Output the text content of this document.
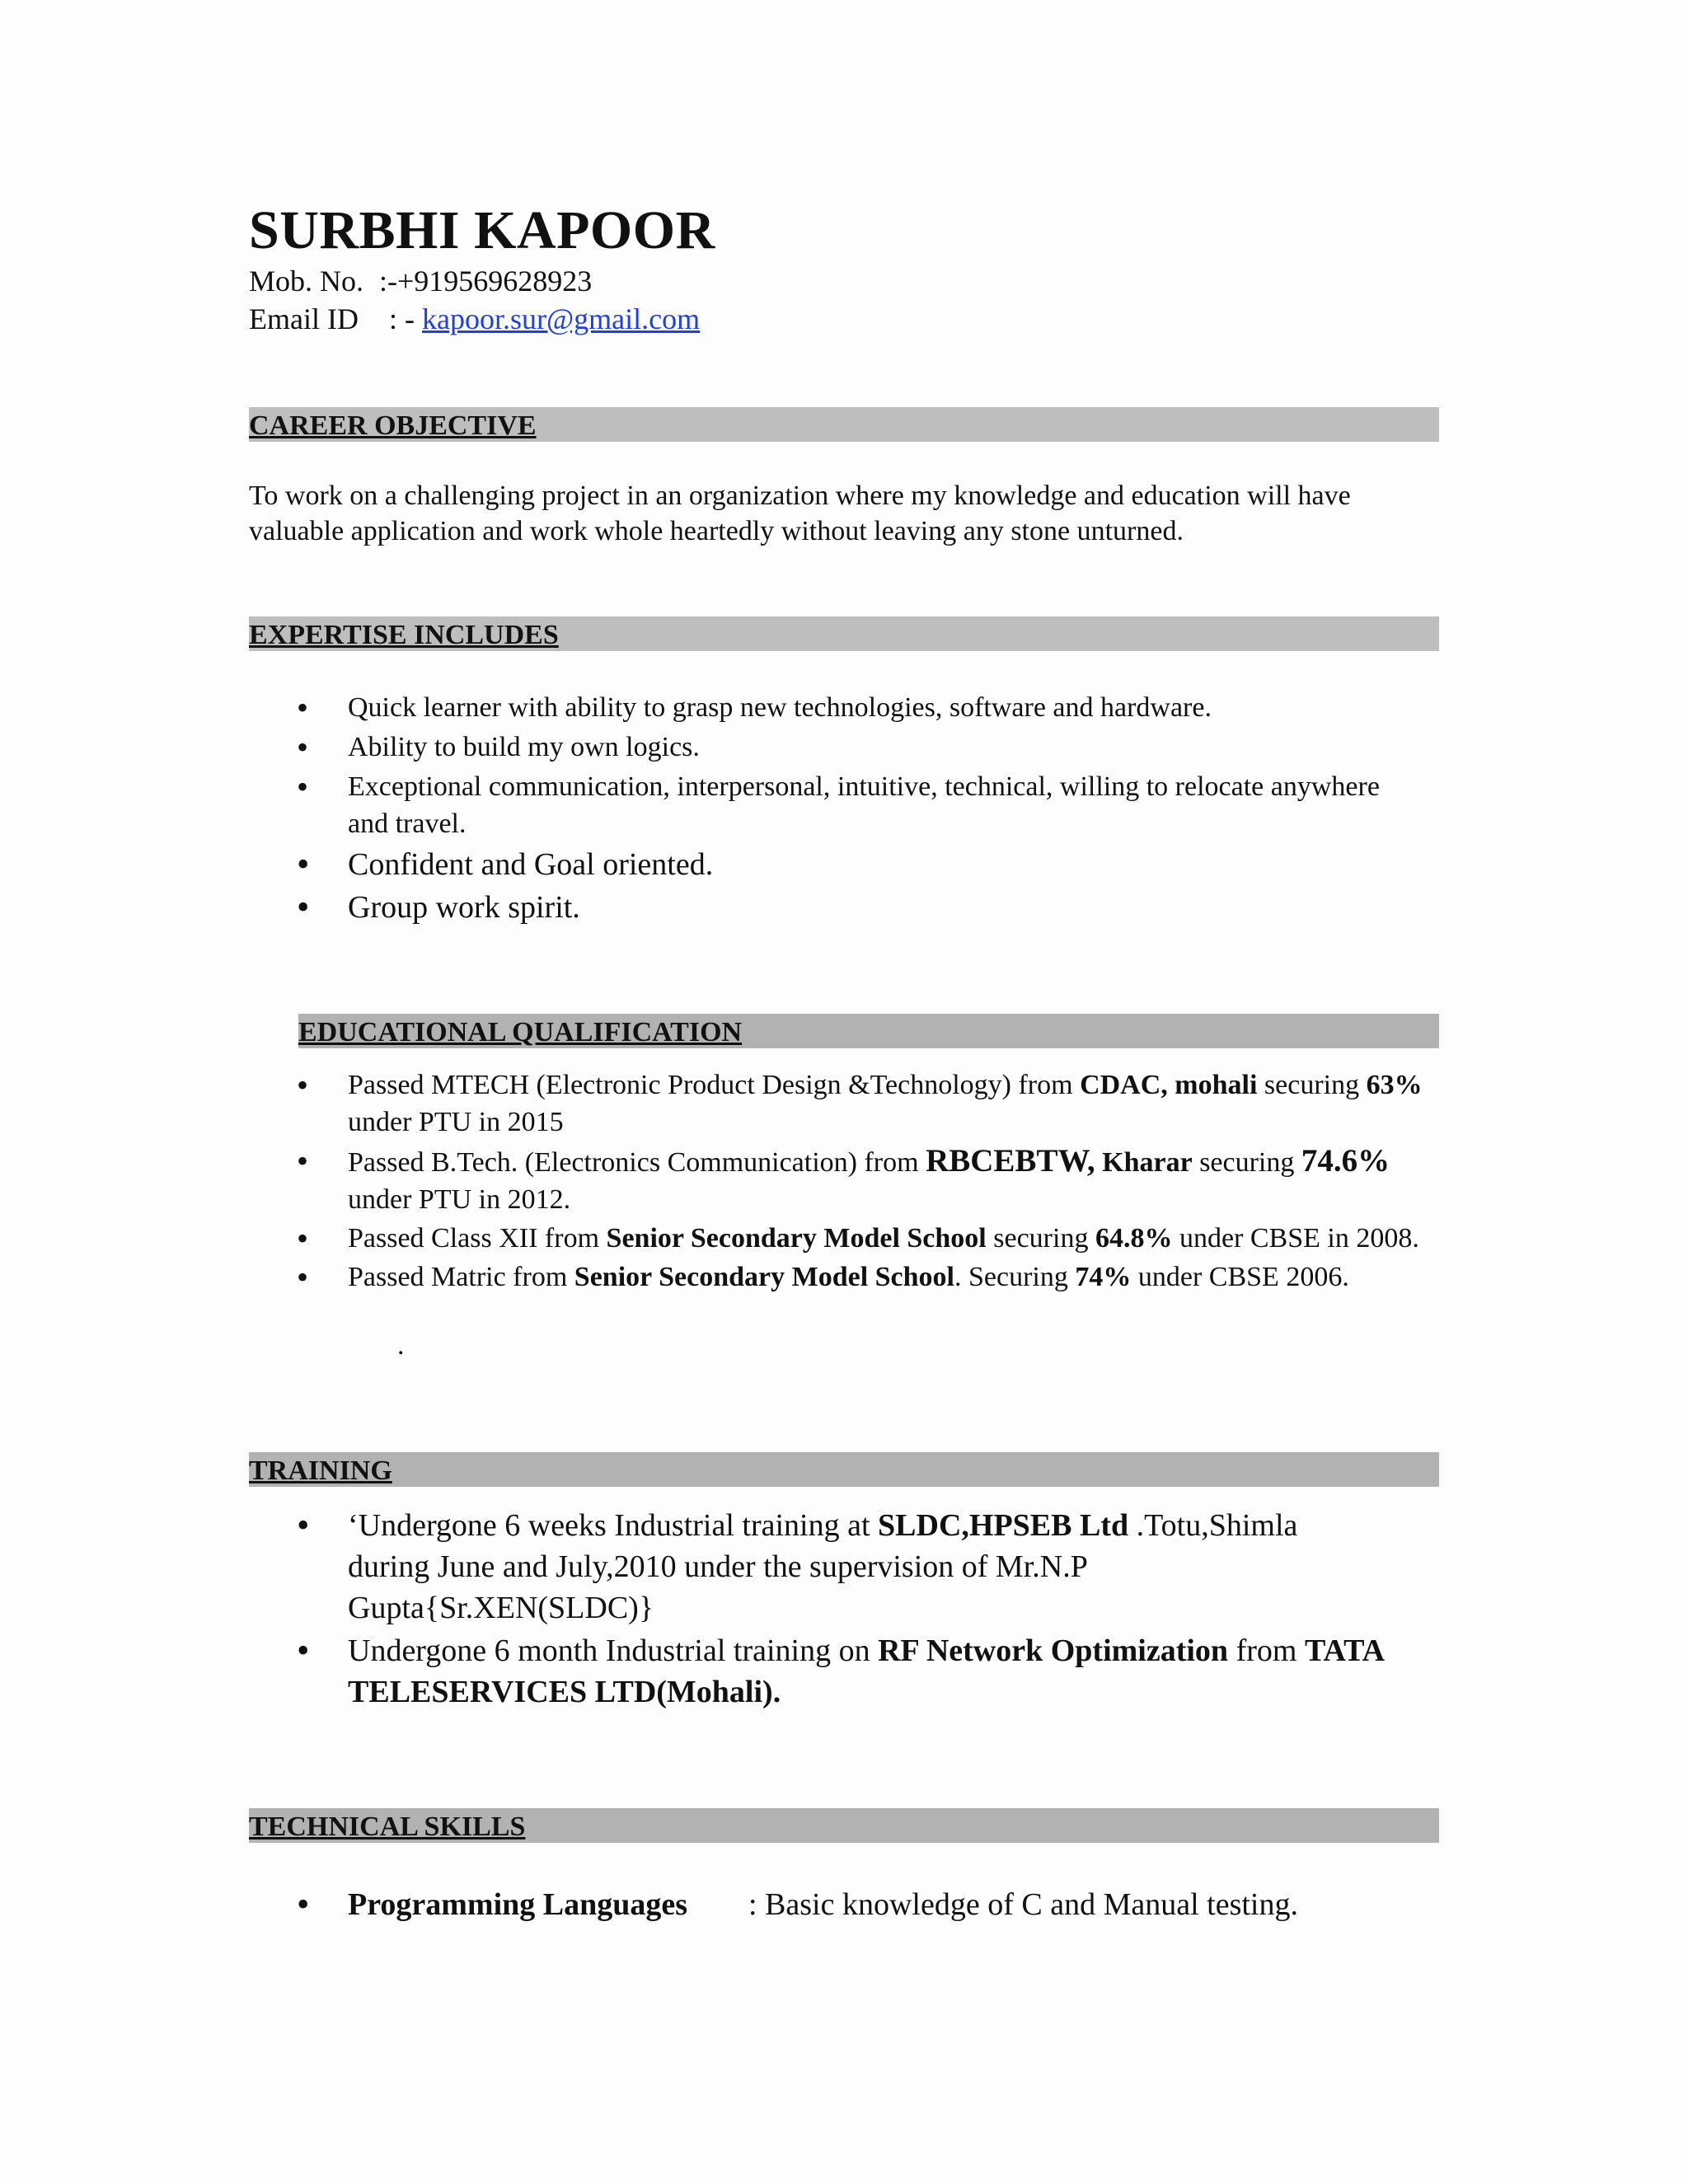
SURBHI KAPOOR
Mob. No. :-+919569628923
Email ID : - kapoor.sur@gmail.com
CAREER OBJECTIVE
To work on a challenging project in an organization where my knowledge and education will have valuable application and work whole heartedly without leaving any stone unturned.
EXPERTISE INCLUDES
• Quick learner with ability to grasp new technologies, software and hardware.
• Ability to build my own logics.
• Exceptional communication, interpersonal, intuitive, technical, willing to relocate anywhere and travel.
• Confident and Goal oriented.
• Group work spirit.
EDUCATIONAL QUALIFICATION
• Passed MTECH (Electronic Product Design &Technology) from CDAC, mohali securing 63% under PTU in 2015
• Passed B.Tech. (Electronics Communication) from RBCEBTW, Kharar securing 74.6% under PTU in 2012.
• Passed Class XII from Senior Secondary Model School securing 64.8% under CBSE in 2008.
• Passed Matric from Senior Secondary Model School. Securing 74% under CBSE 2006.
.
TRAINING
• ‘Undergone 6 weeks Industrial training at SLDC,HPSEB Ltd .Totu,Shimla during June and July,2010 under the supervision of Mr.N.P Gupta{Sr.XEN(SLDC)}
• Undergone 6 month Industrial training on RF Network Optimization from TATA TELESERVICES LTD(Mohali).
TECHNICAL SKILLS
• Programming Languages : Basic knowledge of C and Manual testing.
